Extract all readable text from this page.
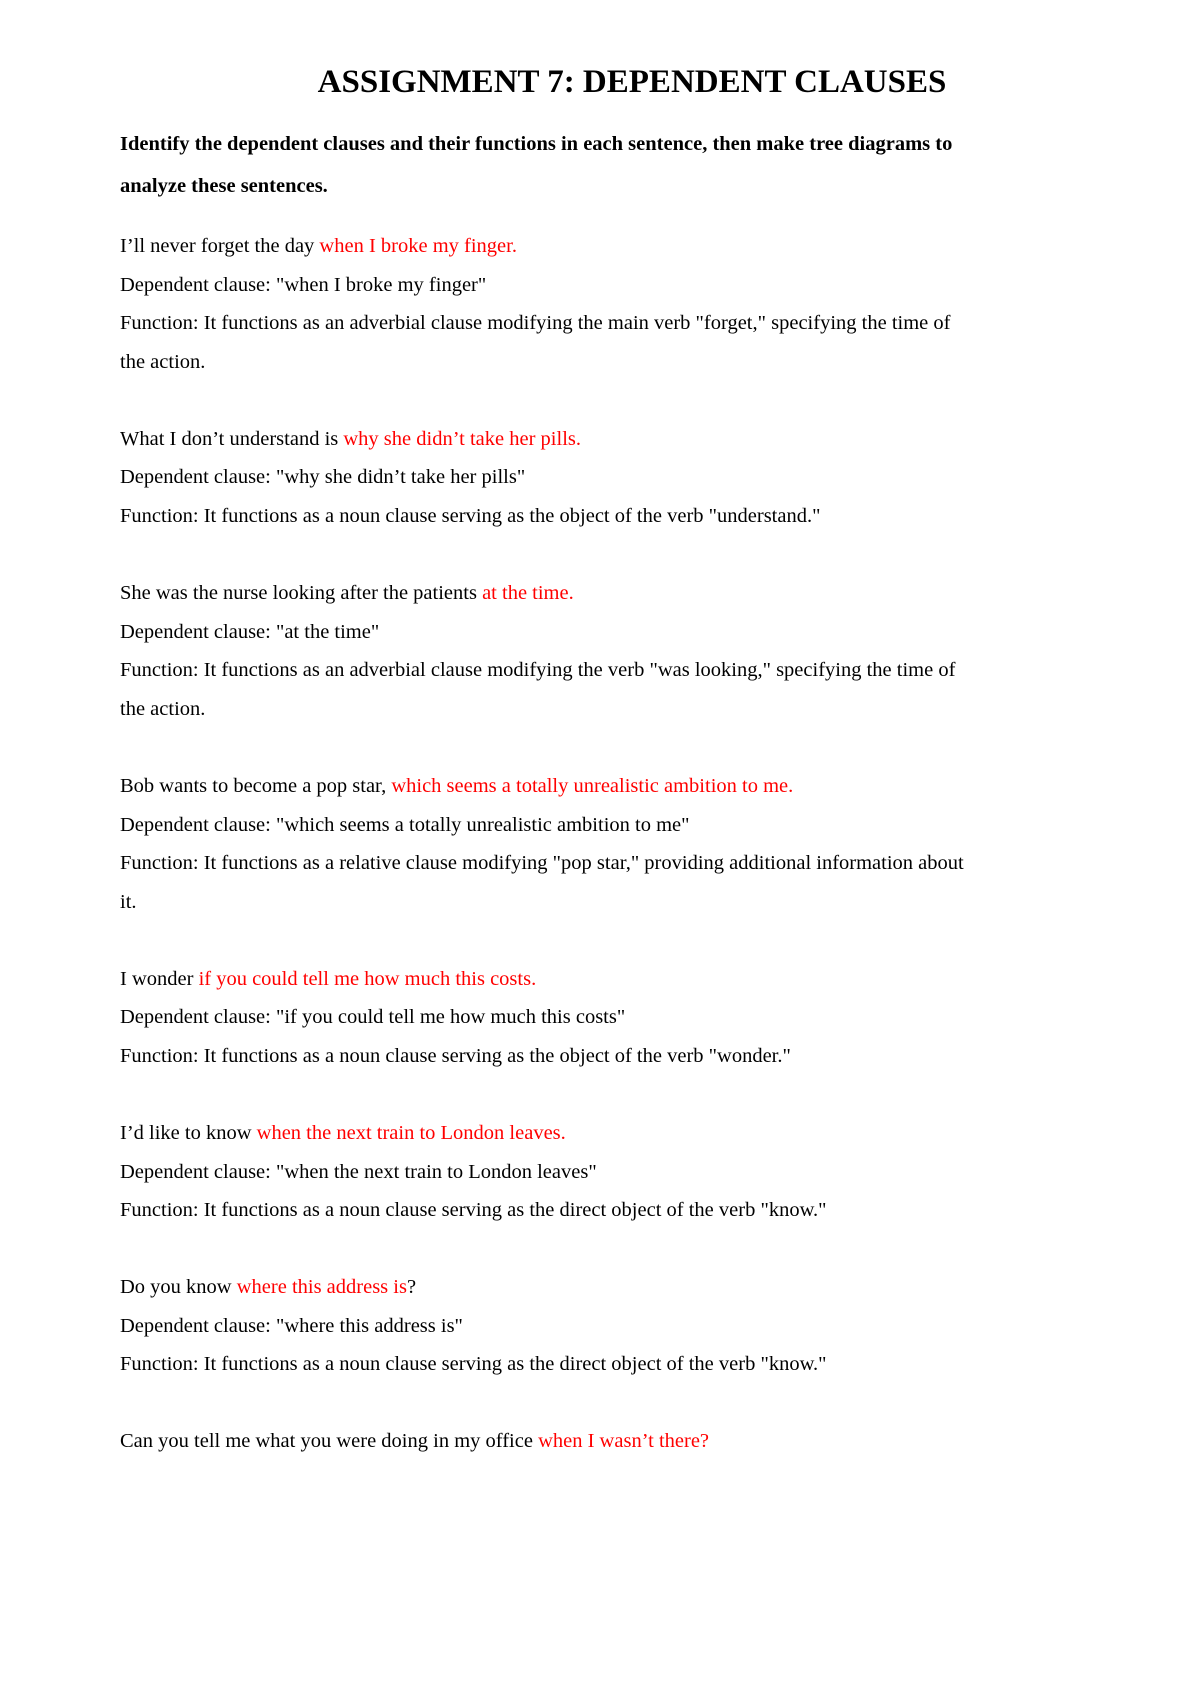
ASSIGNMENT 7: DEPENDENT CLAUSES
Identify the dependent clauses and their functions in each sentence, then make tree diagrams to
analyze these sentences.
I’ll never forget the day when I broke my finger.
Dependent clause: "when I broke my finger"
Function: It functions as an adverbial clause modifying the main verb "forget," specifying the time of
the action.
What I don’t understand is why she didn’t take her pills.
Dependent clause: "why she didn’t take her pills"
Function: It functions as a noun clause serving as the object of the verb "understand."
She was the nurse looking after the patients at the time.
Dependent clause: "at the time"
Function: It functions as an adverbial clause modifying the verb "was looking," specifying the time of
the action.
Bob wants to become a pop star, which seems a totally unrealistic ambition to me.
Dependent clause: "which seems a totally unrealistic ambition to me"
Function: It functions as a relative clause modifying "pop star," providing additional information about
it.
I wonder if you could tell me how much this costs.
Dependent clause: "if you could tell me how much this costs"
Function: It functions as a noun clause serving as the object of the verb "wonder."
I’d like to know when the next train to London leaves.
Dependent clause: "when the next train to London leaves"
Function: It functions as a noun clause serving as the direct object of the verb "know."
Do you know where this address is?
Dependent clause: "where this address is"
Function: It functions as a noun clause serving as the direct object of the verb "know."
Can you tell me what you were doing in my office when I wasn’t there?
